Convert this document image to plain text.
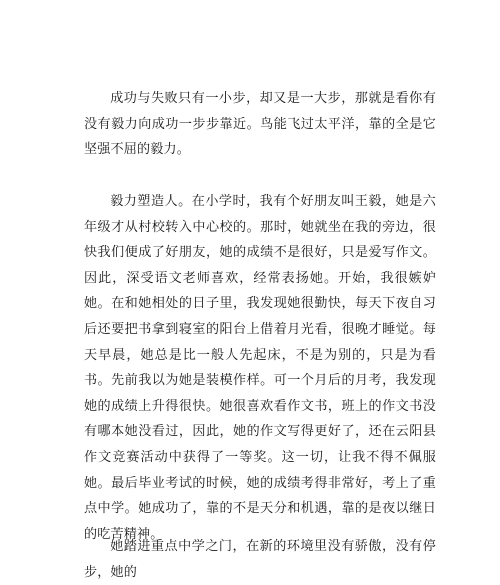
成功与失败只有一小步，却又是一大步，那就是看你有没有毅力向成功一步步靠近。鸟能飞过太平洋，靠的全是它坚强不屈的毅力。

毅力塑造人。在小学时，我有个好朋友叫王毅，她是六年级才从村校转入中心校的。那时，她就坐在我的旁边，很快我们便成了好朋友，她的成绩不是很好，只是爱写作文。因此，深受语文老师喜欢，经常表扬她。开始，我很嫉妒她。在和她相处的日子里，我发现她很勤快，每天下夜自习后还要把书拿到寝室的阳台上借着月光看，很晚才睡觉。每天早晨，她总是比一般人先起床，不是为别的，只是为看书。先前我以为她是装模作样。可一个月后的月考，我发现她的成绩上升得很快。她很喜欢看作文书，班上的作文书没有哪本她没看过，因此，她的作文写得更好了，还在云阳县作文竞赛活动中获得了一等奖。这一切，让我不得不佩服她。最后毕业考试的时候，她的成绩考得非常好，考上了重点中学。她成功了，靠的不是天分和机遇，靠的是夜以继日的吃苦精神。

她踏进重点中学之门，在新的环境里没有骄傲，没有停步，她的
